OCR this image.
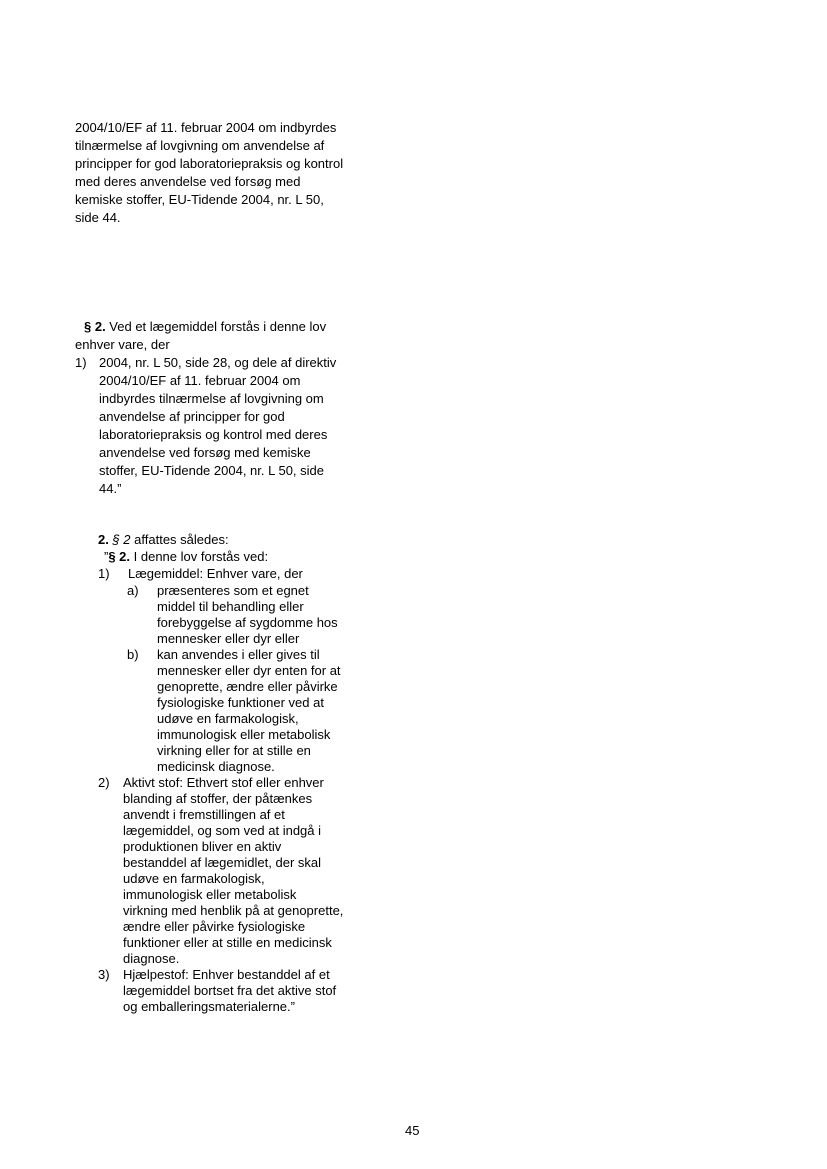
2004/10/EF af 11. februar 2004 om indbyrdes
tilnærmelse af lovgivning om anvendelse af
principper for god laboratoriepraksis og kontrol
med deres anvendelse ved forsøg med
kemiske stoffer, EU-Tidende 2004, nr. L 50,
side 44.
§ 2. Ved et lægemiddel forstås i denne lov
enhver vare, der
1) 2004, nr. L 50, side 28, og dele af direktiv
2004/10/EF af 11. februar 2004 om
indbyrdes tilnærmelse af lovgivning om
anvendelse af principper for god
laboratoriepraksis og kontrol med deres
anvendelse ved forsøg med kemiske
stoffer, EU-Tidende 2004, nr. L 50, side
44.”
2. § 2 affattes således:
”§ 2. I denne lov forstås ved:
1) Lægemiddel: Enhver vare, der
a) præsenteres som et egnet
middel til behandling eller
forebyggelse af sygdomme hos
mennesker eller dyr eller
b) kan anvendes i eller gives til
mennesker eller dyr enten for at
genoprette, ændre eller påvirke
fysiologiske funktioner ved at
udøve en farmakologisk,
immunologisk eller metabolisk
virkning eller for at stille en
medicinsk diagnose.
2) Aktivt stof: Ethvert stof eller enhver
blanding af stoffer, der påtænkes
anvendt i fremstillingen af et
lægemiddel, og som ved at indgå i
produktionen bliver en aktiv
bestanddel af lægemidlet, der skal
udøve en farmakologisk,
immunologisk eller metabolisk
virkning med henblik på at genoprette,
ændre eller påvirke fysiologiske
funktioner eller at stille en medicinsk
diagnose.
3) Hjælpestof: Enhver bestanddel af et
lægemiddel bortset fra det aktive stof
og emballeringsmaterialerne.”
45
